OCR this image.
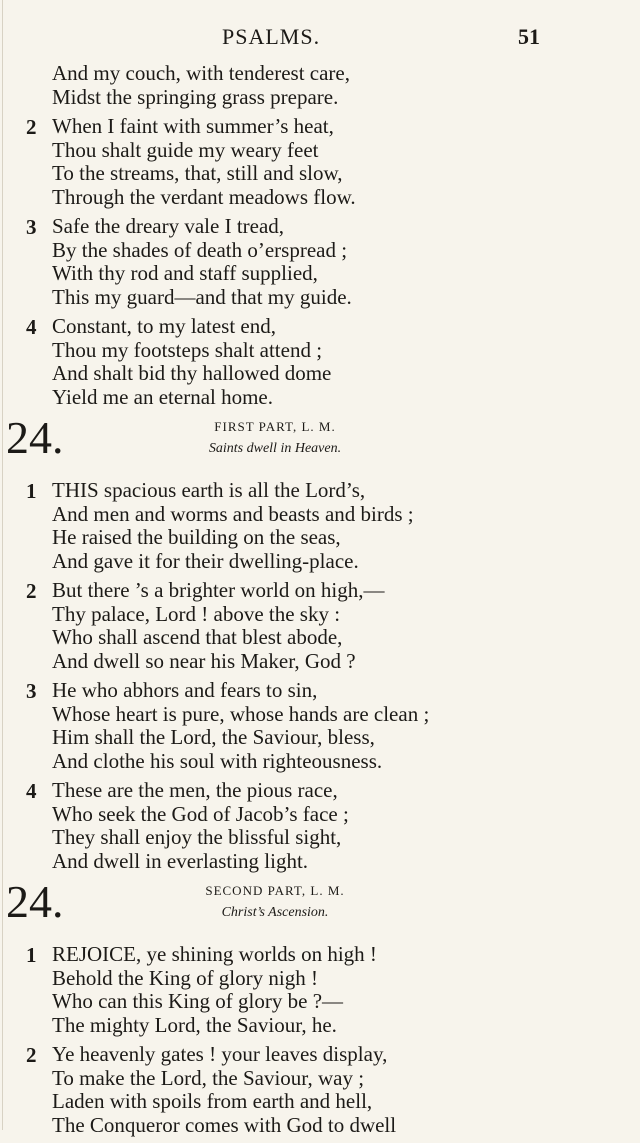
PSALMS.	51
And my couch, with tenderest care,
Midst the springing grass prepare.
2 When I faint with summer’s heat,
Thou shalt guide my weary feet
To the streams, that, still and slow,
Through the verdant meadows flow.
3 Safe the dreary vale I tread,
By the shades of death o’erspread ;
With thy rod and staff supplied,
This my guard—and that my guide.
4 Constant, to my latest end,
Thou my footsteps shalt attend ;
And shalt bid thy hallowed dome
Yield me an eternal home.
24.	FIRST PART, L. M.
Saints dwell in Heaven.
1 THIS spacious earth is all the Lord’s,
And men and worms and beasts and birds ;
He raised the building on the seas,
And gave it for their dwelling-place.
2 But there ’s a brighter world on high,—
Thy palace, Lord ! above the sky :
Who shall ascend that blest abode,
And dwell so near his Maker, God ?
3 He who abhors and fears to sin,
Whose heart is pure, whose hands are clean ;
Him shall the Lord, the Saviour, bless,
And clothe his soul with righteousness.
4 These are the men, the pious race,
Who seek the God of Jacob’s face ;
They shall enjoy the blissful sight,
And dwell in everlasting light.
24.	SECOND PART, L. M.
Christ’s Ascension.
1 REJOICE, ye shining worlds on high !
Behold the King of glory nigh !
Who can this King of glory be ?—
The mighty Lord, the Saviour, he.
2 Ye heavenly gates ! your leaves display,
To make the Lord, the Saviour, way ;
Laden with spoils from earth and hell,
The Conqueror comes with God to dwell
